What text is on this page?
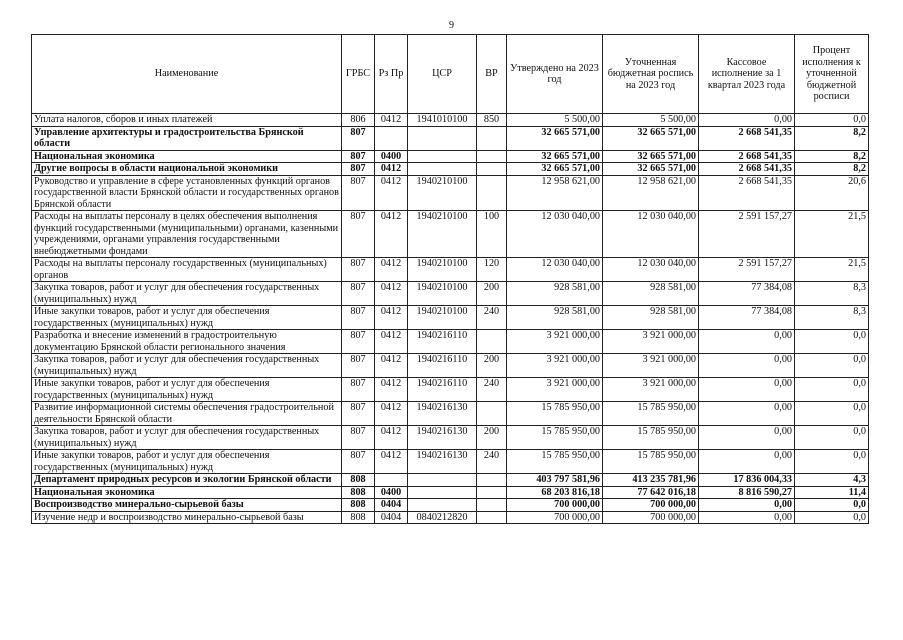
9
Наименование	ГРБС	Рз Пр	ЦСР	ВР	Утверждено на 2023 год	Уточненная бюджетная роспись на 2023 год	Кассовое исполнение за 1 квартал 2023 года	Процент исполнения к уточненной бюджетной росписи
Уплата налогов, сборов и иных платежей	806	0412	1941010100	850	5 500,00	5 500,00	0,00	0,0
Управление архитектуры и градостроительства Брянской области	807				32 665 571,00	32 665 571,00	2 668 541,35	8,2
Национальная экономика	807	0400			32 665 571,00	32 665 571,00	2 668 541,35	8,2
Другие вопросы в области национальной экономики	807	0412			32 665 571,00	32 665 571,00	2 668 541,35	8,2
Руководство и управление в сфере установленных функций органов государственной власти Брянской области и государственных органов Брянской области	807	0412	1940210100		12 958 621,00	12 958 621,00	2 668 541,35	20,6
Расходы на выплаты персоналу в целях обеспечения выполнения функций государственными (муниципальными) органами, казенными учреждениями, органами управления государственными внебюджетными фондами	807	0412	1940210100	100	12 030 040,00	12 030 040,00	2 591 157,27	21,5
Расходы на выплаты персоналу государственных (муниципальных) органов	807	0412	1940210100	120	12 030 040,00	12 030 040,00	2 591 157,27	21,5
Закупка товаров, работ и услуг для обеспечения государственных (муниципальных) нужд	807	0412	1940210100	200	928 581,00	928 581,00	77 384,08	8,3
Иные закупки товаров, работ и услуг для обеспечения государственных (муниципальных) нужд	807	0412	1940210100	240	928 581,00	928 581,00	77 384,08	8,3
Разработка и внесение изменений в градостроительную документацию Брянской области регионального значения	807	0412	1940216110		3 921 000,00	3 921 000,00	0,00	0,0
Закупка товаров, работ и услуг для обеспечения государственных (муниципальных) нужд	807	0412	1940216110	200	3 921 000,00	3 921 000,00	0,00	0,0
Иные закупки товаров, работ и услуг для обеспечения государственных (муниципальных) нужд	807	0412	1940216110	240	3 921 000,00	3 921 000,00	0,00	0,0
Развитие информационной системы обеспечения градостроительной деятельности Брянской области	807	0412	1940216130		15 785 950,00	15 785 950,00	0,00	0,0
Закупка товаров, работ и услуг для обеспечения государственных (муниципальных) нужд	807	0412	1940216130	200	15 785 950,00	15 785 950,00	0,00	0,0
Иные закупки товаров, работ и услуг для обеспечения государственных (муниципальных) нужд	807	0412	1940216130	240	15 785 950,00	15 785 950,00	0,00	0,0
Департамент природных ресурсов и экологии Брянской области	808				403 797 581,96	413 235 781,96	17 836 004,33	4,3
Национальная экономика	808	0400			68 203 816,18	77 642 016,18	8 816 590,27	11,4
Воспроизводство минерально-сырьевой базы	808	0404			700 000,00	700 000,00	0,00	0,0
Изучение недр и воспроизводство минерально-сырьевой базы	808	0404	0840212820		700 000,00	700 000,00	0,00	0,0
